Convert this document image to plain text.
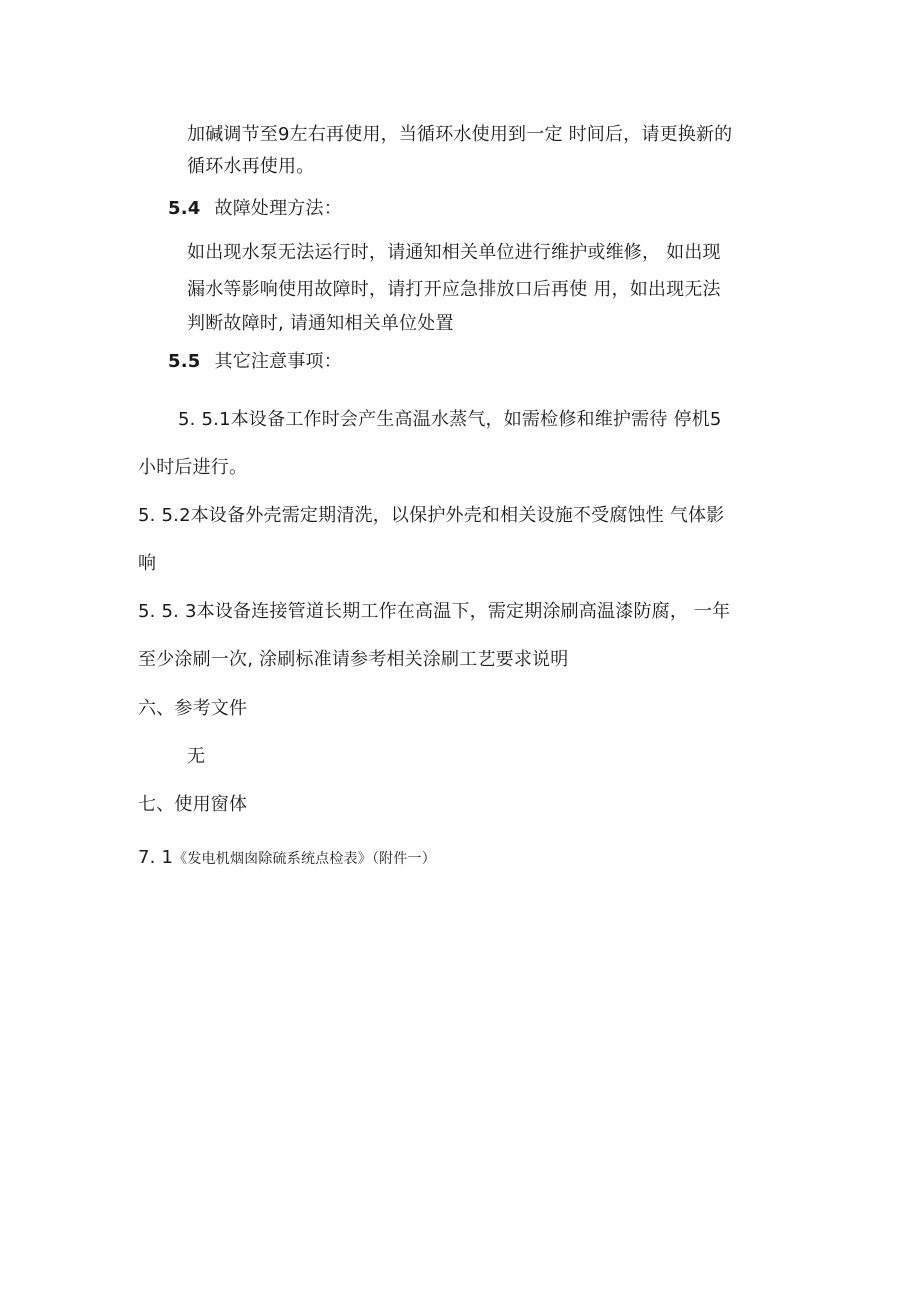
加碱调节至9左右再使用，当循环水使用到一定 时间后，请更换新的
循环水再使用。
5.4 故障处理方法：
如出现水泵无法运行时，请通知相关单位进行维护或维修， 如出现
漏水等影响使用故障时，请打开应急排放口后再使 用，如出现无法
判断故障时, 请通知相关单位处置
5.5 其它注意事项：
5. 5.1本设备工作时会产生高温水蒸气，如需检修和维护需待 停机5
小时后进行。
5. 5.2本设备外壳需定期清洗，以保护外壳和相关设施不受腐蚀性 气体影
响
5. 5. 3本设备连接管道长期工作在高温下，需定期涂刷高温漆防腐， 一年
至少涂刷一次, 涂刷标准请参考相关涂刷工艺要求说明
六、参考文件
无
七、使用窗体
7. 1《发电机烟囱除硫系统点检表》（附件一）
